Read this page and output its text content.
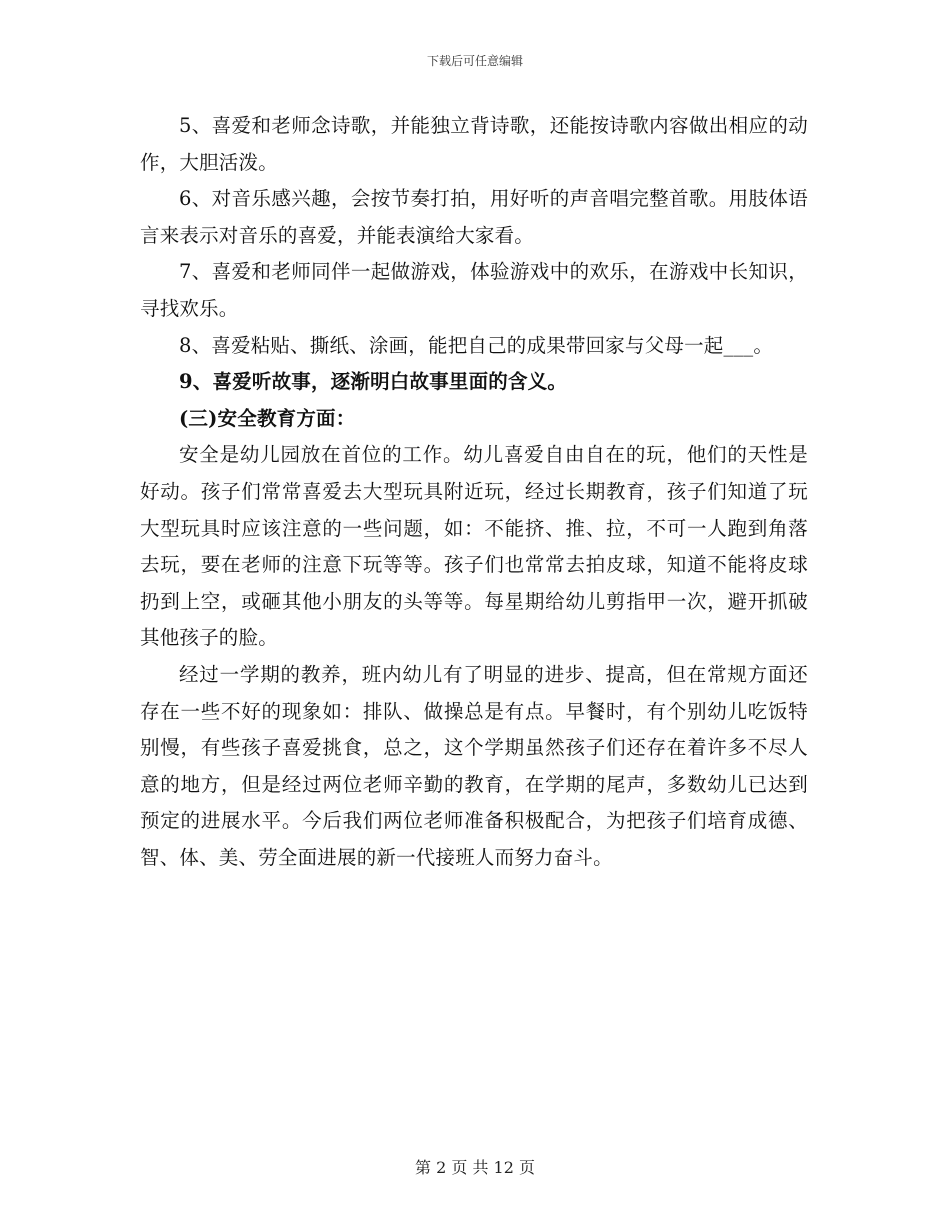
下载后可任意编辑

5、喜爱和老师念诗歌，并能独立背诗歌，还能按诗歌内容做出相应的动作，大胆活泼。

6、对音乐感兴趣，会按节奏打拍，用好听的声音唱完整首歌。用肢体语言来表示对音乐的喜爱，并能表演给大家看。

7、喜爱和老师同伴一起做游戏，体验游戏中的欢乐，在游戏中长知识，寻找欢乐。

8、喜爱粘贴、撕纸、涂画，能把自己的成果带回家与父母一起___。

9、喜爱听故事，逐渐明白故事里面的含义。

(三)安全教育方面：

安全是幼儿园放在首位的工作。幼儿喜爱自由自在的玩，他们的天性是好动。孩子们常常喜爱去大型玩具附近玩，经过长期教育，孩子们知道了玩大型玩具时应该注意的一些问题，如：不能挤、推、拉，不可一人跑到角落去玩，要在老师的注意下玩等等。孩子们也常常去拍皮球，知道不能将皮球扔到上空，或砸其他小朋友的头等等。每星期给幼儿剪指甲一次，避开抓破其他孩子的脸。

经过一学期的教养，班内幼儿有了明显的进步、提高，但在常规方面还存在一些不好的现象如：排队、做操总是有点。早餐时，有个别幼儿吃饭特别慢，有些孩子喜爱挑食，总之，这个学期虽然孩子们还存在着许多不尽人意的地方，但是经过两位老师辛勤的教育，在学期的尾声，多数幼儿已达到预定的进展水平。今后我们两位老师准备积极配合，为把孩子们培育成德、智、体、美、劳全面进展的新一代接班人而努力奋斗。

第 2 页 共 12 页
